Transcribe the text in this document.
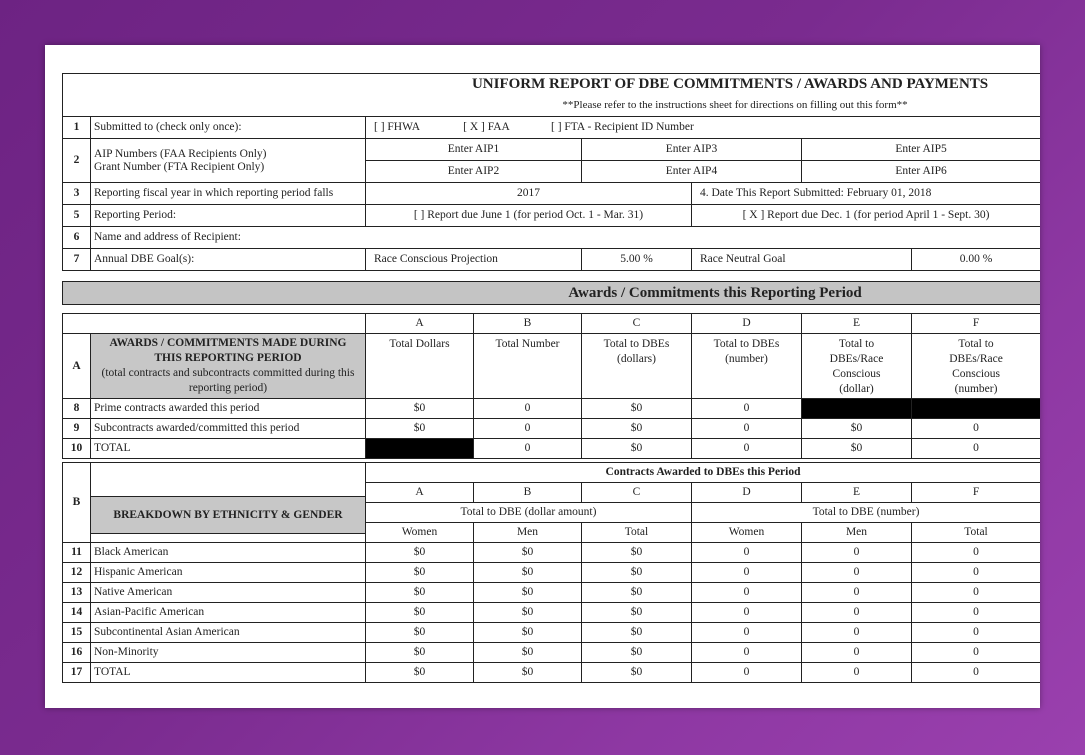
UNIFORM REPORT OF DBE COMMITMENTS / AWARDS AND PAYMENTS						
**Please refer to the instructions sheet for directions on filling out this form**						
1	Submitted to (check only once):	[ ] FHWA [ X ] FAA [ ] FTA - Recipient ID Number				
2	AIP Numbers (FAA Recipients Only)
Grant Number (FTA Recipient Only)	Enter AIP1	Enter AIP3		Enter AIP5	
		Enter AIP2	Enter AIP4		Enter AIP6	
3	Reporting fiscal year in which reporting period falls	2017		4. Date This Report Submitted: February 01, 2018		
5	Reporting Period:	[ ] Report due June 1 (for period Oct. 1 - Mar. 31)		[ X ] Report due Dec. 1 (for period April 1 - Sept. 30)		
6	Name and address of Recipient:					
7	Annual DBE Goal(s):	Race Conscious Projection	5.00 %	Race Neutral Goal		0.00 %
Awards / Commitments this Reporting Period							

		A	B	C	D	E	F
A	AWARDS / COMMITMENTS MADE DURING THIS REPORTING PERIOD
(total contracts and subcontracts committed during this reporting period)	Total Dollars	Total Number	Total to DBEs (dollars)	Total to DBEs (number)	Total to DBEs/Race Conscious (dollar)	Total to DBEs/Race Conscious (number)
8	Prime contracts awarded this period	$0	0	$0	0		
9	Subcontracts awarded/committed this period	$0	0	$0	0	$0	0
10	TOTAL		0	$0	0	$0	0
B	BREAKDOWN BY ETHNICITY & GENDER	Contracts Awarded to DBEs this Period					
		A	B	C	D	E	F
		Total to DBE (dollar amount)			Total to DBE (number)		
		Women	Men	Total	Women	Men	Total
11	Black American	$0	$0	$0	0	0	0
12	Hispanic American	$0	$0	$0	0	0	0
13	Native American	$0	$0	$0	0	0	0
14	Asian-Pacific American	$0	$0	$0	0	0	0
15	Subcontinental Asian American	$0	$0	$0	0	0	0
16	Non-Minority	$0	$0	$0	0	0	0
17	TOTAL	$0	$0	$0	0	0	0
